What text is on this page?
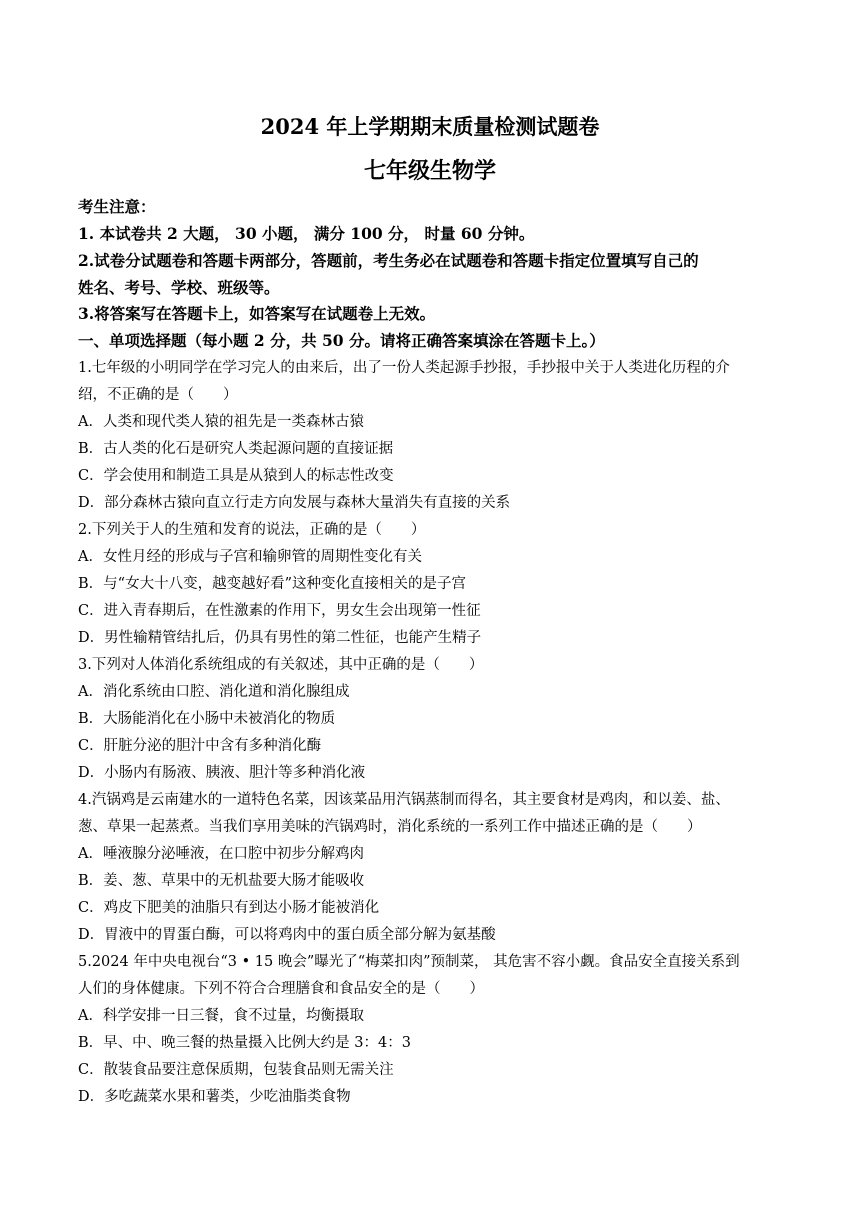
2024 年上学期期末质量检测试题卷
七年级生物学
考生注意：
1. 本试卷共 2 大题， 30 小题， 满分 100 分， 时量 60 分钟。
2.试卷分试题卷和答题卡两部分，答题前，考生务必在试题卷和答题卡指定位置填写自己的
姓名、考号、学校、班级等。
3.将答案写在答题卡上，如答案写在试题卷上无效。
一、单项选择题（每小题 2 分，共 50 分。请将正确答案填涂在答题卡上。）
1.七年级的小明同学在学习完人的由来后，出了一份人类起源手抄报，手抄报中关于人类进化历程的介
绍，不正确的是（　　）
A．人类和现代类人猿的祖先是一类森林古猿
B．古人类的化石是研究人类起源问题的直接证据
C．学会使用和制造工具是从猿到人的标志性改变
D．部分森林古猿向直立行走方向发展与森林大量消失有直接的关系
2.下列关于人的生殖和发育的说法，正确的是（　　）
A．女性月经的形成与子宫和输卵管的周期性变化有关
B．与“女大十八变，越变越好看”这种变化直接相关的是子宫
C．进入青春期后，在性激素的作用下，男女生会出现第一性征
D．男性输精管结扎后，仍具有男性的第二性征，也能产生精子
3.下列对人体消化系统组成的有关叙述，其中正确的是（　　）
A．消化系统由口腔、消化道和消化腺组成
B．大肠能消化在小肠中未被消化的物质
C．肝脏分泌的胆汁中含有多种消化酶
D．小肠内有肠液、胰液、胆汁等多种消化液
4.汽锅鸡是云南建水的一道特色名菜，因该菜品用汽锅蒸制而得名，其主要食材是鸡肉，和以姜、盐、
葱、草果一起蒸煮。当我们享用美味的汽锅鸡时，消化系统的一系列工作中描述正确的是（　　）
A．唾液腺分泌唾液，在口腔中初步分解鸡肉
B．姜、葱、草果中的无机盐要大肠才能吸收
C．鸡皮下肥美的油脂只有到达小肠才能被消化
D．胃液中的胃蛋白酶，可以将鸡肉中的蛋白质全部分解为氨基酸
5.2024 年中央电视台“3 • 15 晚会”曝光了“梅菜扣肉”预制菜， 其危害不容小觑。食品安全直接关系到
人们的身体健康。下列不符合合理膳食和食品安全的是（　　）
A．科学安排一日三餐，食不过量，均衡摄取
B．早、中、晚三餐的热量摄入比例大约是 3：4：3
C．散装食品要注意保质期，包装食品则无需关注
D．多吃蔬菜水果和薯类，少吃油脂类食物
